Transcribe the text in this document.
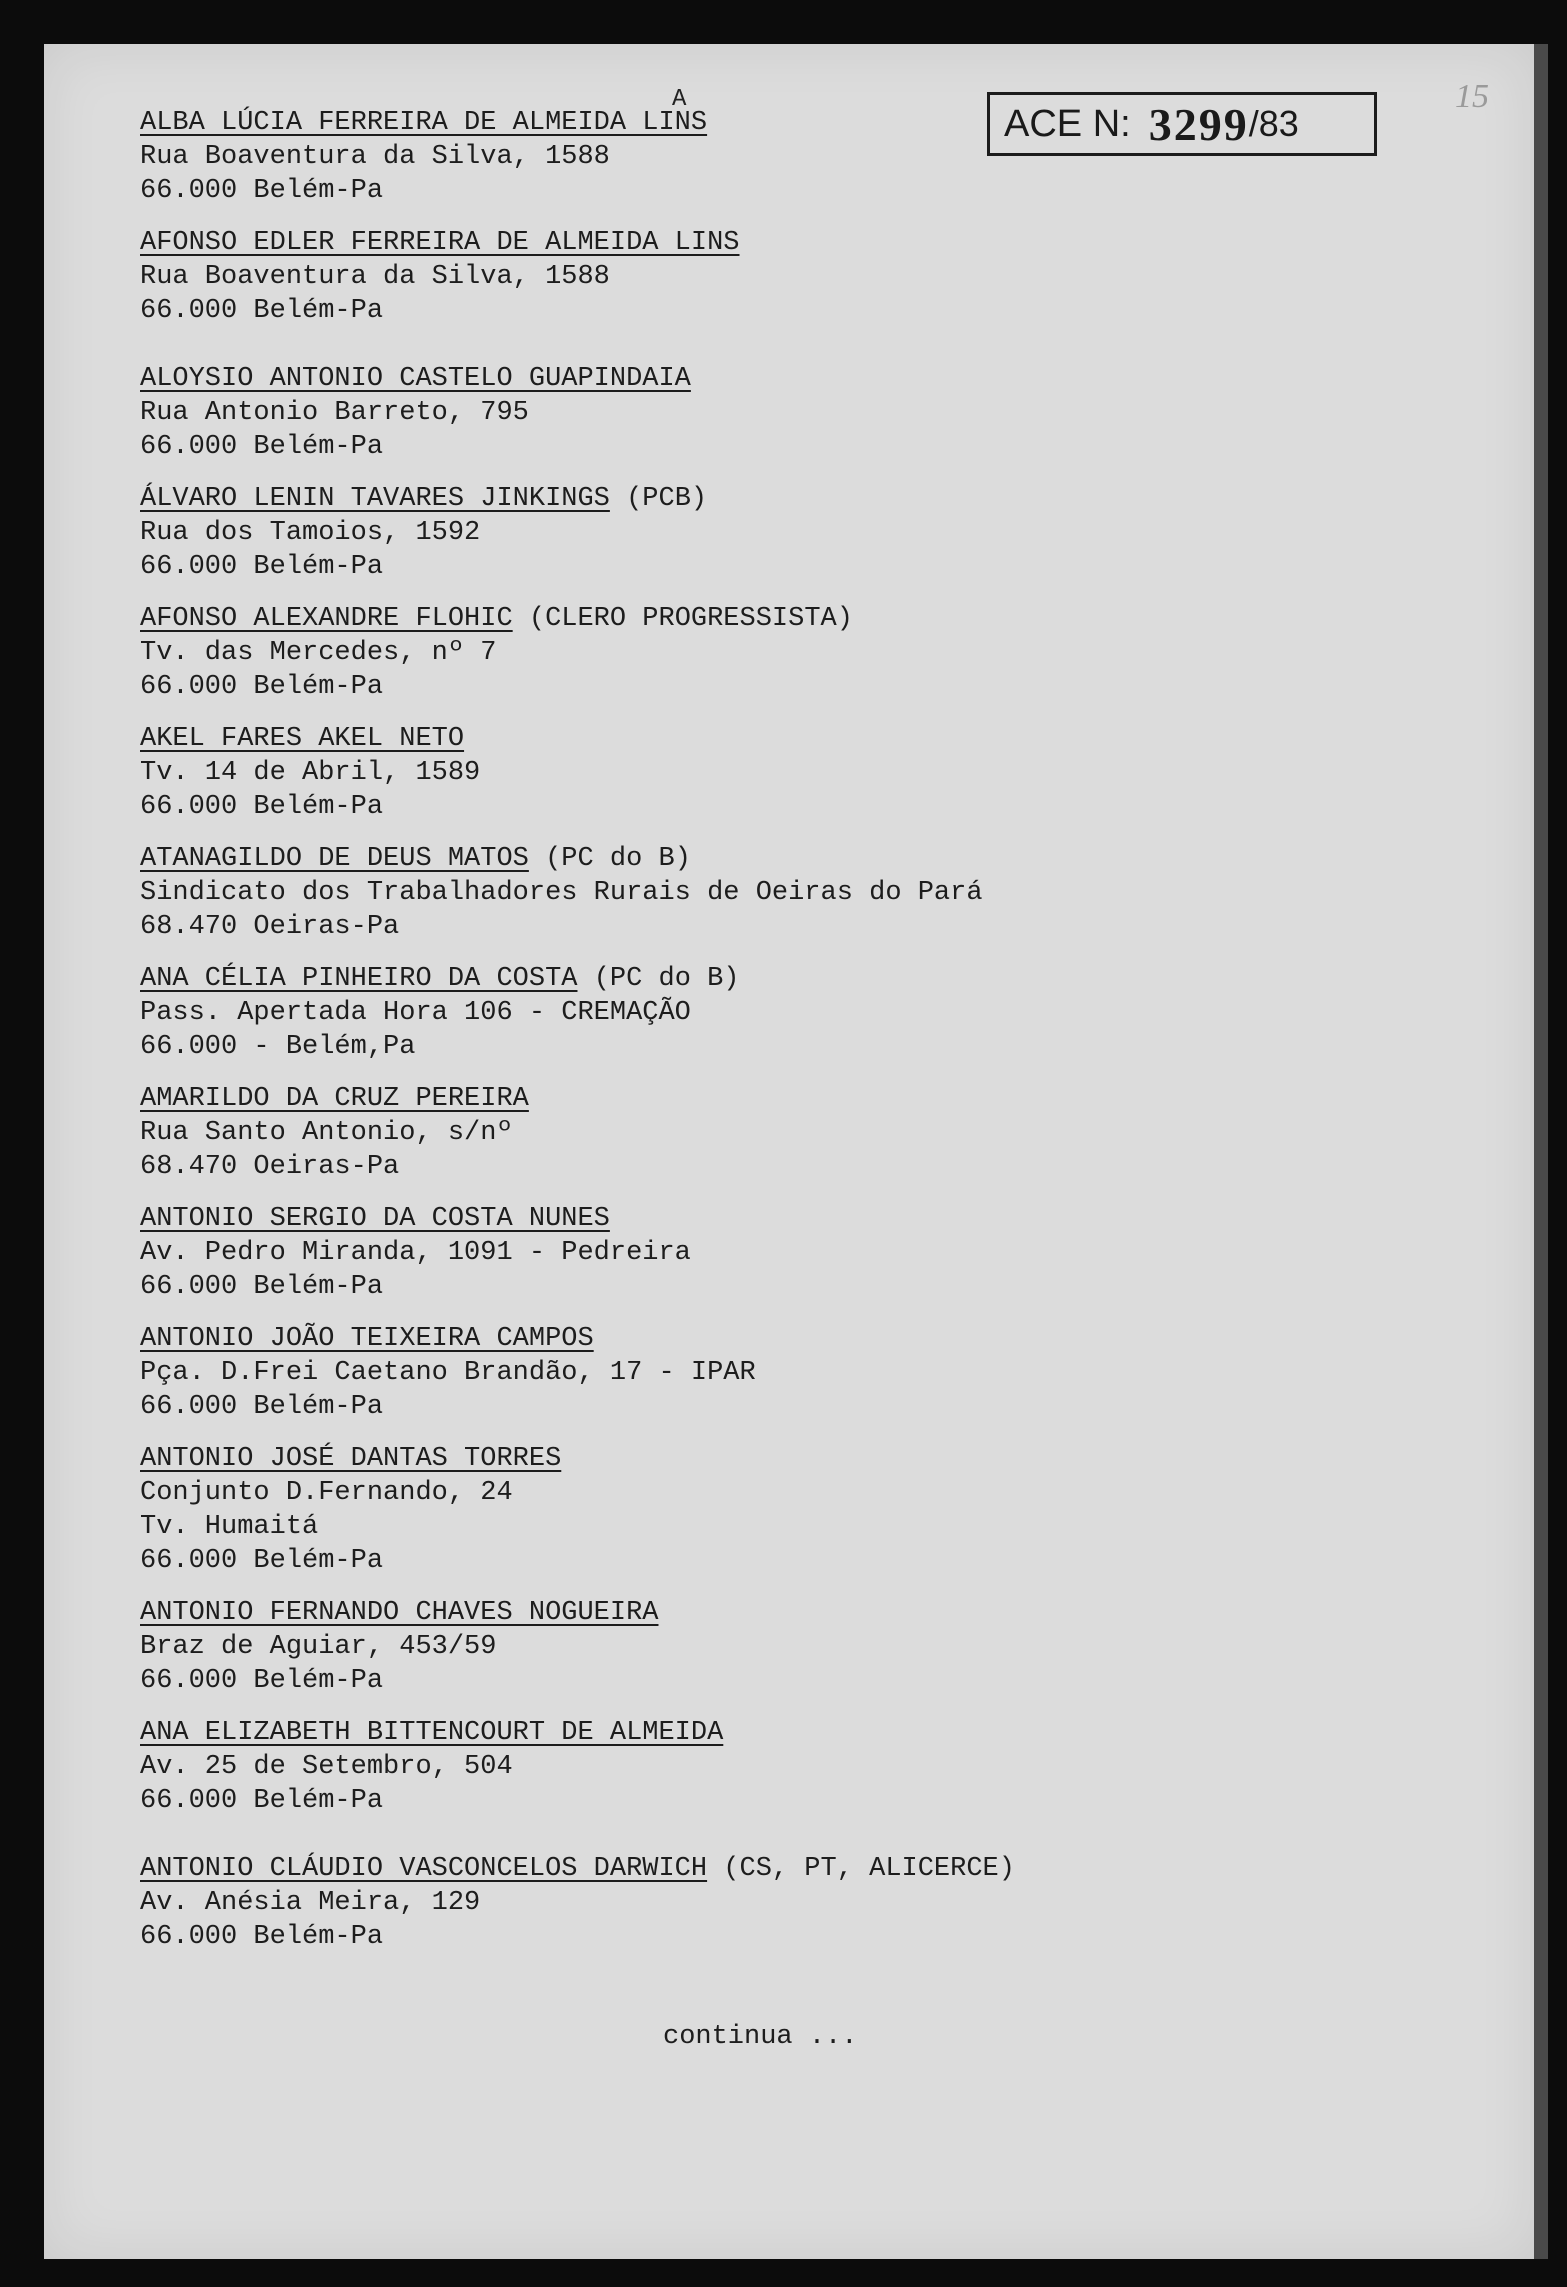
A
ACE N: 3299 /83
15
ALBA LÚCIA FERREIRA DE ALMEIDA LINS
Rua Boaventura da Silva, 1588
66.000 Belém-Pa
AFONSO EDLER FERREIRA DE ALMEIDA LINS
Rua Boaventura da Silva, 1588
66.000 Belém-Pa
ALOYSIO ANTONIO CASTELO GUAPINDAIA
Rua Antonio Barreto, 795
66.000 Belém-Pa
ÁLVARO LENIN TAVARES JINKINGS (PCB)
Rua dos Tamoios, 1592
66.000 Belém-Pa
AFONSO ALEXANDRE FLOHIC (CLERO PROGRESSISTA)
Tv. das Mercedes, nº 7
66.000 Belém-Pa
AKEL FARES AKEL NETO
Tv. 14 de Abril, 1589
66.000 Belém-Pa
ATANAGILDO DE DEUS MATOS (PC do B)
Sindicato dos Trabalhadores Rurais de Oeiras do Pará
68.470 Oeiras-Pa
ANA CÉLIA PINHEIRO DA COSTA (PC do B)
Pass. Apertada Hora 106 - CREMAÇÃO
66.000 - Belém,Pa
AMARILDO DA CRUZ PEREIRA
Rua Santo Antonio, s/nº
68.470 Oeiras-Pa
ANTONIO SERGIO DA COSTA NUNES
Av. Pedro Miranda, 1091 - Pedreira
66.000 Belém-Pa
ANTONIO JOÃO TEIXEIRA CAMPOS
Pça. D.Frei Caetano Brandão, 17 - IPAR
66.000 Belém-Pa
ANTONIO JOSÉ DANTAS TORRES
Conjunto D.Fernando, 24
Tv. Humaitá
66.000 Belém-Pa
ANTONIO FERNANDO CHAVES NOGUEIRA
Braz de Aguiar, 453/59
66.000 Belém-Pa
ANA ELIZABETH BITTENCOURT DE ALMEIDA
Av. 25 de Setembro, 504
66.000 Belém-Pa
ANTONIO CLÁUDIO VASCONCELOS DARWICH (CS, PT, ALICERCE)
Av. Anésia Meira, 129
66.000 Belém-Pa
continua ...
